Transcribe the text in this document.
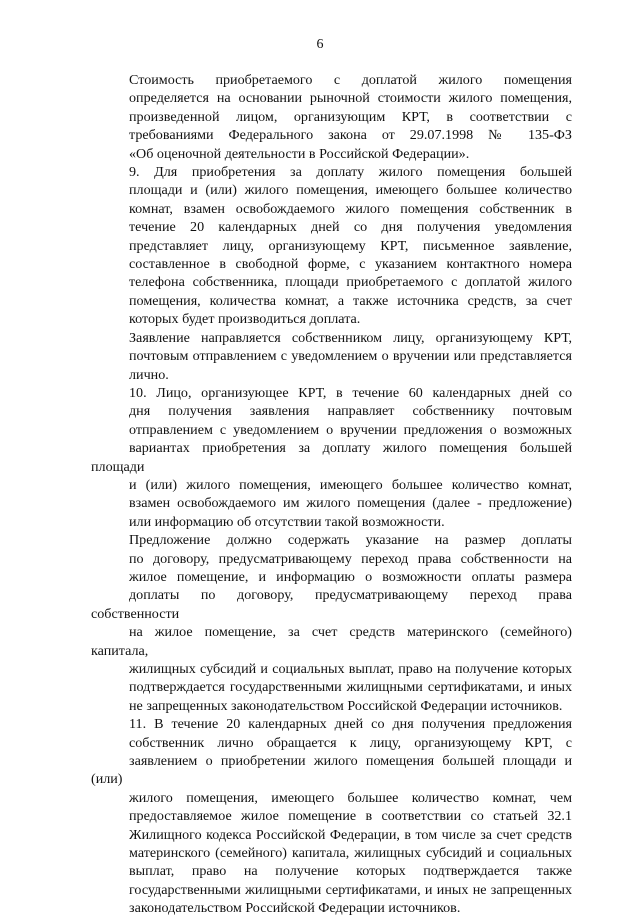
6

Стоимость приобретаемого с доплатой жилого помещения
определяется на основании рыночной стоимости жилого помещения,
произведенной лицом, организующим КРТ, в соответствии с
требованиями Федерального закона от 29.07.1998 № 135-ФЗ
«Об оценочной деятельности в Российской Федерации».

9. Для приобретения за доплату жилого помещения большей
площади и (или) жилого помещения, имеющего большее количество
комнат, взамен освобождаемого жилого помещения собственник в
течение 20 календарных дней со дня получения уведомления
представляет лицу, организующему КРТ, письменное заявление,
составленное в свободной форме, с указанием контактного номера
телефона собственника, площади приобретаемого с доплатой жилого
помещения, количества комнат, а также источника средств, за счет
которых будет производиться доплата.

Заявление направляется собственником лицу, организующему КРТ,
почтовым отправлением с уведомлением о вручении или представляется
лично.

10. Лицо, организующее КРТ, в течение 60 календарных дней со
дня получения заявления направляет собственнику почтовым
отправлением с уведомлением о вручении предложения о возможных
вариантах приобретения за доплату жилого помещения большей площади
и (или) жилого помещения, имеющего большее количество комнат,
взамен освобождаемого им жилого помещения (далее - предложение)
или информацию об отсутствии такой возможности.

Предложение должно содержать указание на размер доплаты
по договору, предусматривающему переход права собственности на
жилое помещение, и информацию о возможности оплаты размера
доплаты по договору, предусматривающему переход права собственности
на жилое помещение, за счет средств материнского (семейного) капитала,
жилищных субсидий и социальных выплат, право на получение которых
подтверждается государственными жилищными сертификатами, и иных
не запрещенных законодательством Российской Федерации источников.

11. В течение 20 календарных дней со дня получения предложения
собственник лично обращается к лицу, организующему КРТ, с
заявлением о приобретении жилого помещения большей площади и (или)
жилого помещения, имеющего большее количество комнат, чем
предоставляемое жилое помещение в соответствии со статьей 32.1
Жилищного кодекса Российской Федерации, в том числе за счет средств
материнского (семейного) капитала, жилищных субсидий и социальных
выплат, право на получение которых подтверждается также
государственными жилищными сертификатами, и иных не запрещенных
законодательством Российской Федерации источников.
